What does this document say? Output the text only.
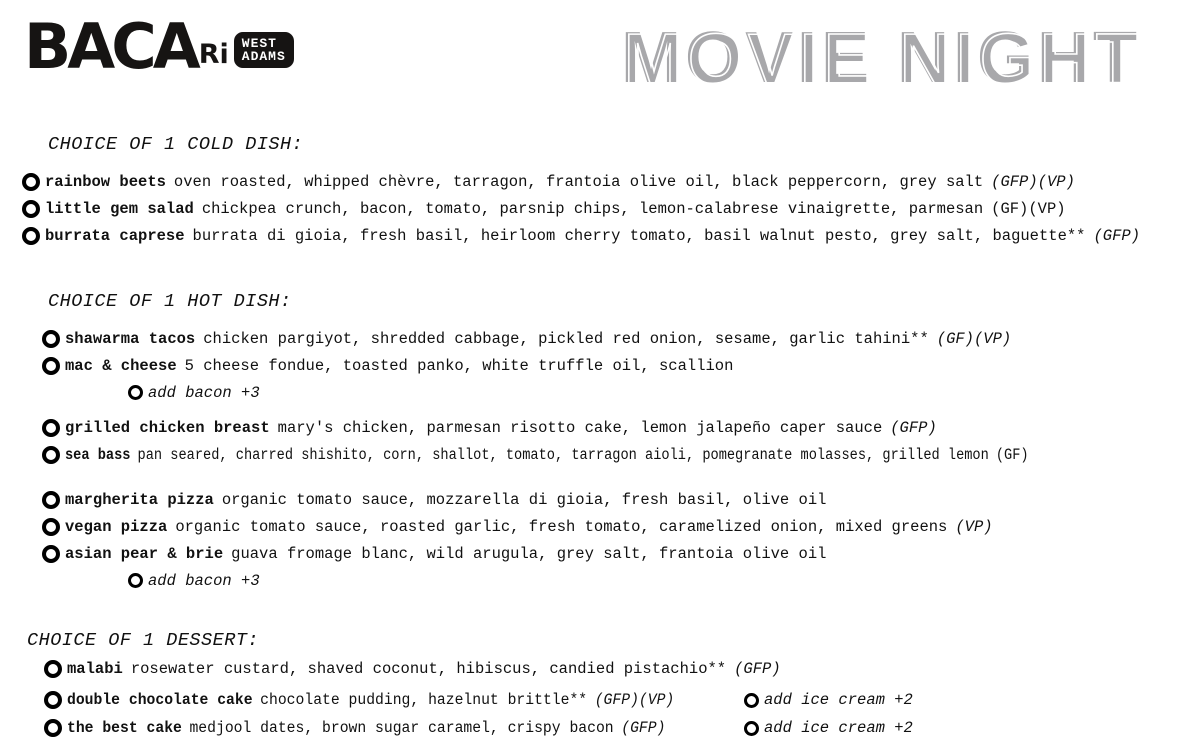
BACA Ri WEST
ADAMS	MOVIE NIGHT MOVIE NIGHT
CHOICE OF 1 COLD DISH:
rainbow beets oven roasted, whipped chèvre, tarragon, frantoia olive oil, black peppercorn, grey salt (GFP)(VP)
little gem salad chickpea crunch, bacon, tomato, parsnip chips, lemon-calabrese vinaigrette, parmesan (GF)(VP)
burrata caprese burrata di gioia, fresh basil, heirloom cherry tomato, basil walnut pesto, grey salt, baguette** (GFP)
CHOICE OF 1 HOT DISH:
shawarma tacos chicken pargiyot, shredded cabbage, pickled red onion, sesame, garlic tahini** (GF)(VP)
mac & cheese 5 cheese fondue, toasted panko, white truffle oil, scallion
add bacon +3
grilled chicken breast mary's chicken, parmesan risotto cake, lemon jalapeño caper sauce (GFP)
sea bass pan seared, charred shishito, corn, shallot, tomato, tarragon aioli, pomegranate molasses, grilled lemon (GF)
margherita pizza organic tomato sauce, mozzarella di gioia, fresh basil, olive oil
vegan pizza organic tomato sauce, roasted garlic, fresh tomato, caramelized onion, mixed greens (VP)
asian pear & brie guava fromage blanc, wild arugula, grey salt, frantoia olive oil
add bacon +3
CHOICE OF 1 DESSERT:
malabi rosewater custard, shaved coconut, hibiscus, candied pistachio** (GFP)
double chocolate cake chocolate pudding, hazelnut brittle** (GFP)(VP)	add ice cream +2
the best cake medjool dates, brown sugar caramel, crispy bacon (GFP)	add ice cream +2
